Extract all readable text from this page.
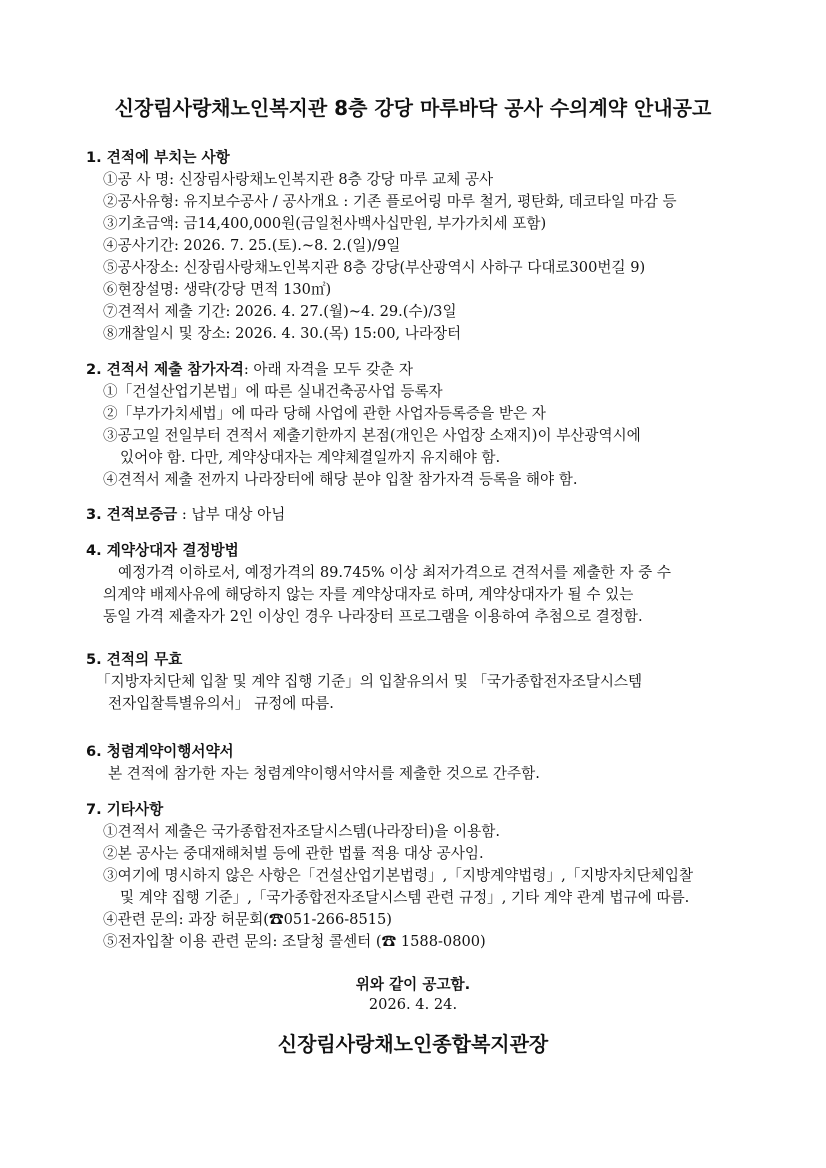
신장림사랑채노인복지관 8층 강당 마루바닥 공사 수의계약 안내공고
1. 견적에 부치는 사항
①공 사 명: 신장림사랑채노인복지관 8층 강당 마루 교체 공사
②공사유형: 유지보수공사 / 공사개요 : 기존 플로어링 마루 철거, 평탄화, 데코타일 마감 등
③기초금액: 금14,400,000원(금일천사백사십만원, 부가가치세 포함)
④공사기간: 2026. 7. 25.(토).~8. 2.(일)/9일
⑤공사장소: 신장림사랑채노인복지관 8층 강당(부산광역시 사하구 다대로300번길 9)
⑥현장설명: 생략(강당 면적 130㎡)
⑦견적서 제출 기간: 2026. 4. 27.(월)~4. 29.(수)/3일
⑧개찰일시 및 장소: 2026. 4. 30.(목) 15:00, 나라장터
2. 견적서 제출 참가자격: 아래 자격을 모두 갖춘 자
①「건설산업기본법」에 따른 실내건축공사업 등록자
②「부가가치세법」에 따라 당해 사업에 관한 사업자등록증을 받은 자
③공고일 전일부터 견적서 제출기한까지 본점(개인은 사업장 소재지)이 부산광역시에
있어야 함. 다만, 계약상대자는 계약체결일까지 유지해야 함.
④견적서 제출 전까지 나라장터에 해당 분야 입찰 참가자격 등록을 해야 함.
3. 견적보증금 : 납부 대상 아님
4. 계약상대자 결정방법
예정가격 이하로서, 예정가격의 89.745% 이상 최저가격으로 견적서를 제출한 자 중 수
의계약 배제사유에 해당하지 않는 자를 계약상대자로 하며, 계약상대자가 될 수 있는
동일 가격 제출자가 2인 이상인 경우 나라장터 프로그램을 이용하여 추첨으로 결정함.
5. 견적의 무효
「지방자치단체 입찰 및 계약 집행 기준」의 입찰유의서 및 「국가종합전자조달시스템
전자입찰특별유의서」 규정에 따름.
6. 청렴계약이행서약서
본 견적에 참가한 자는 청렴계약이행서약서를 제출한 것으로 간주함.
7. 기타사항
①견적서 제출은 국가종합전자조달시스템(나라장터)을 이용함.
②본 공사는 중대재해처벌 등에 관한 법률 적용 대상 공사임.
③여기에 명시하지 않은 사항은「건설산업기본법령」,「지방계약법령」,「지방자치단체입찰
및 계약 집행 기준」,「국가종합전자조달시스템 관련 규정」, 기타 계약 관계 법규에 따름.
④관련 문의: 과장 허문회(☎051-266-8515)
⑤전자입찰 이용 관련 문의: 조달청 콜센터 (☎ 1588-0800)
위와 같이 공고함.
2026. 4. 24.
신장림사랑채노인종합복지관장
